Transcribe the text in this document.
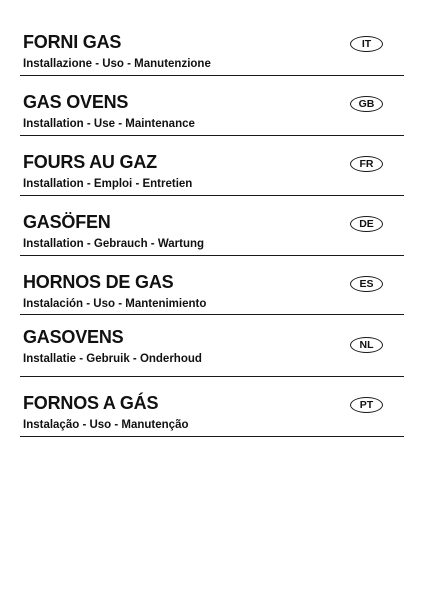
FORNI GAS
Installazione - Uso - Manutenzione
IT
GAS OVENS
Installation - Use - Maintenance
GB
FOURS AU GAZ
Installation - Emploi - Entretien
FR
GASÖFEN
Installation - Gebrauch - Wartung
DE
HORNOS DE GAS
Instalación - Uso - Mantenimiento
ES
GASOVENS
Installatie - Gebruik - Onderhoud
NL
FORNOS A GÁS
Instalação - Uso - Manutenção
PT
